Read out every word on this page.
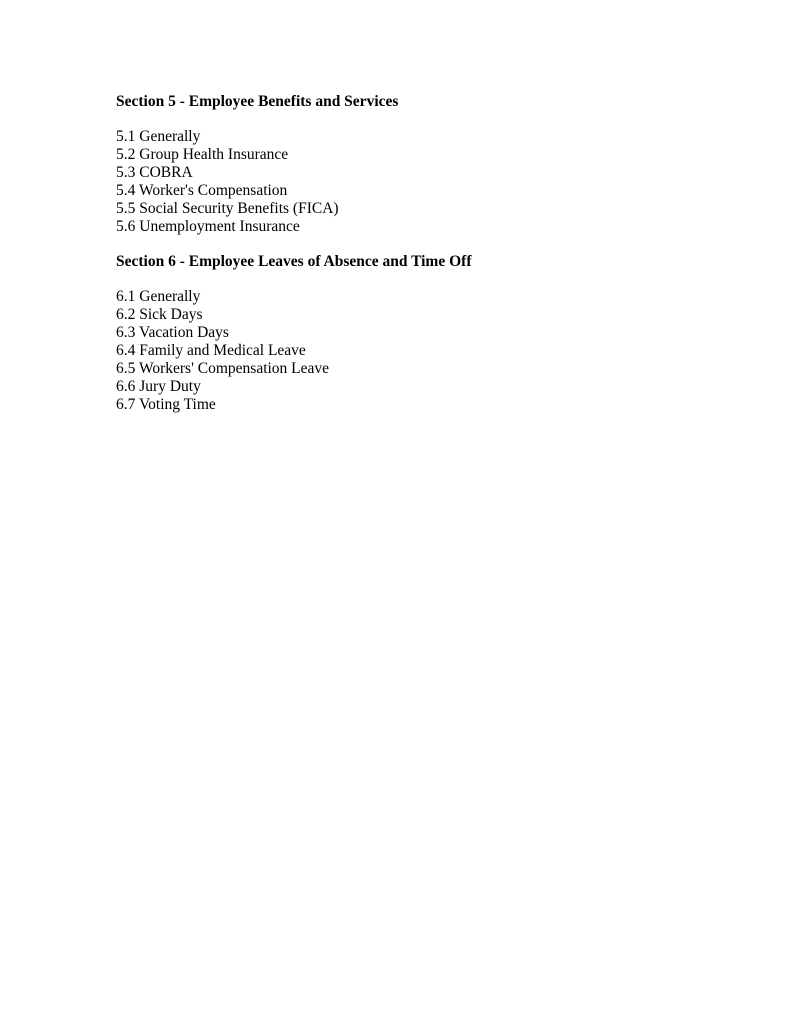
Section 5 - Employee Benefits and Services
5.1 Generally
5.2 Group Health Insurance
5.3 COBRA
5.4 Worker's Compensation
5.5 Social Security Benefits (FICA)
5.6 Unemployment Insurance
Section 6 - Employee Leaves of Absence and Time Off
6.1 Generally
6.2 Sick Days
6.3 Vacation Days
6.4 Family and Medical Leave
6.5 Workers' Compensation Leave
6.6 Jury Duty
6.7 Voting Time
